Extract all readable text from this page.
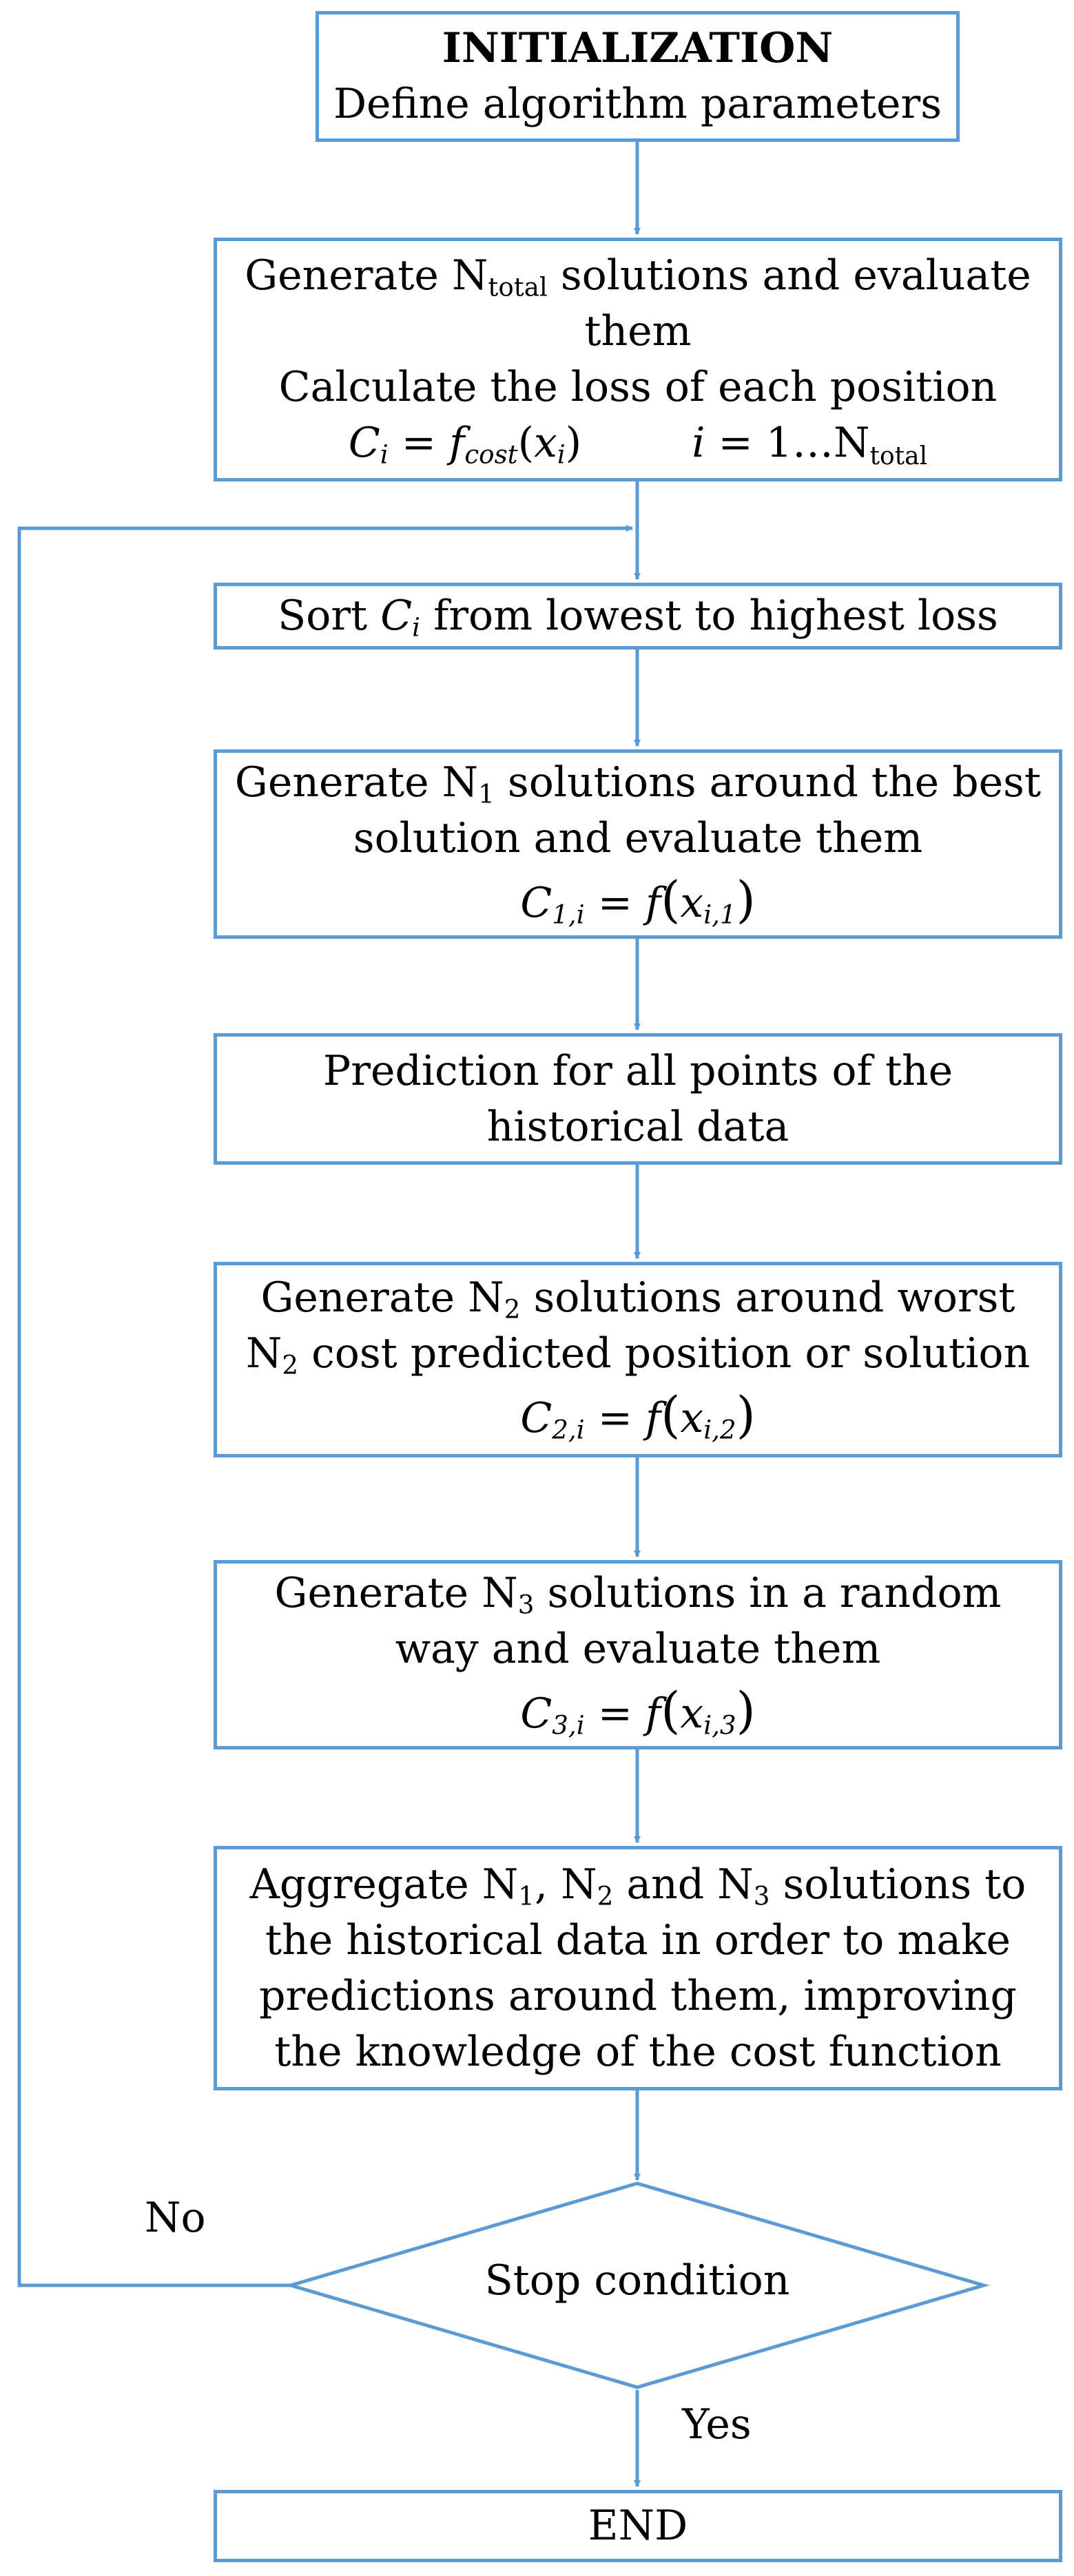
INITIALIZATION
Define algorithm parameters
Generate $N_{total}$ solutions and evaluate
them
Calculate the loss of each position
$C_i = f_{cost}(x_i)$	$i = 1\dots N_{total}$
Sort $C_i$ from lowest to highest loss
Generate $N_1$ solutions around the best
solution and evaluate them
$C_{1,i} = f(x_{i,1})$
Prediction for all points of the
historical data
Generate $N_2$ solutions around worst
$N_2$ cost predicted position or solution
$C_{2,i} = f(x_{i,2})$
Generate $N_3$ solutions in a random
way and evaluate them
$C_{3,i} = f(x_{i,3})$
Aggregate $N_1$, $N_2$ and $N_3$ solutions to
the historical data in order to make
predictions around them, improving
the knowledge of the cost function
Stop condition
No
Yes
END
